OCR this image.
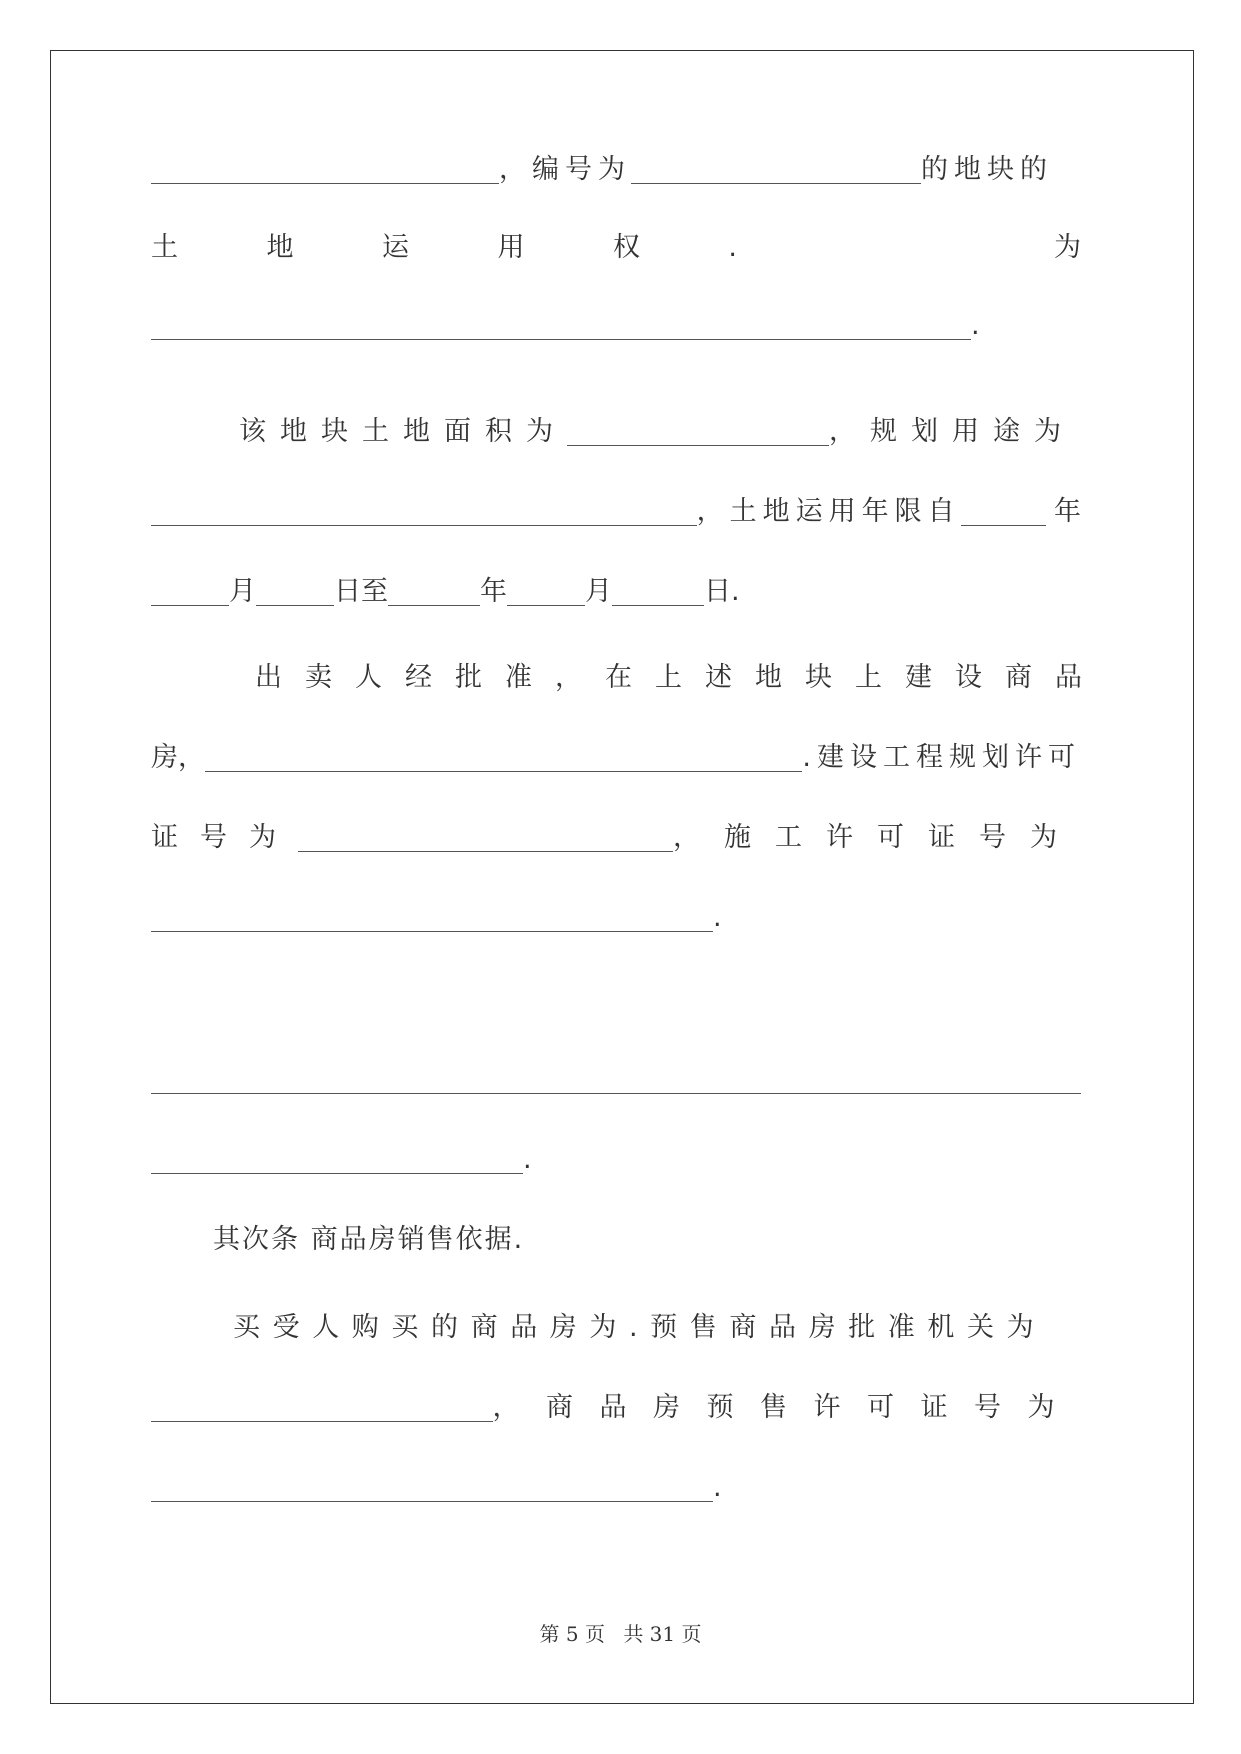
，编号为	的地块的
土	地	运	用	权	.	为
.
该地块土地面积为	，规划用途为
，土地运用年限自	年
月	日至	年	月	日.
出卖人经批准，在上述地块上建设商品
房，	.建设工程规划许可
证号为	，施工许可证号为
.
.
其次条 商品房销售依据.
买受人购买的商品房为.预售商品房批准机关为
，商品房预售许可证号为
.
第 5 页 共 31 页
